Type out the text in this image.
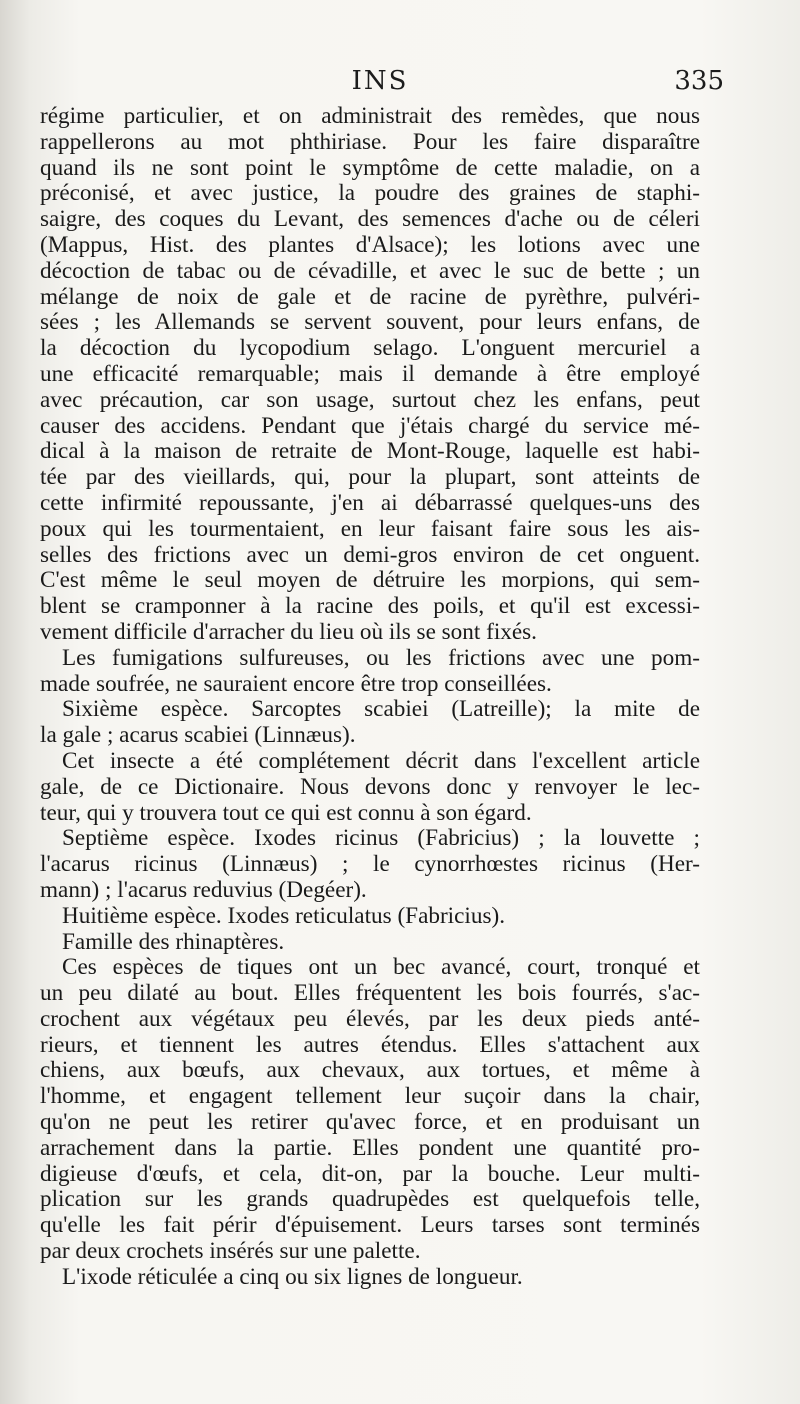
INS	335
régime particulier, et on administrait des remèdes, que nous
rappellerons au mot phthiriase. Pour les faire disparaître
quand ils ne sont point le symptôme de cette maladie, on a
préconisé, et avec justice, la poudre des graines de staphi-
saigre, des coques du Levant, des semences d'ache ou de céleri
(Mappus, Hist. des plantes d'Alsace); les lotions avec une
décoction de tabac ou de cévadille, et avec le suc de bette ; un
mélange de noix de gale et de racine de pyrèthre, pulvéri-
sées ; les Allemands se servent souvent, pour leurs enfans, de
la décoction du lycopodium selago. L'onguent mercuriel a
une efficacité remarquable; mais il demande à être employé
avec précaution, car son usage, surtout chez les enfans, peut
causer des accidens. Pendant que j'étais chargé du service mé-
dical à la maison de retraite de Mont-Rouge, laquelle est habi-
tée par des vieillards, qui, pour la plupart, sont atteints de
cette infirmité repoussante, j'en ai débarrassé quelques-uns des
poux qui les tourmentaient, en leur faisant faire sous les ais-
selles des frictions avec un demi-gros environ de cet onguent.
C'est même le seul moyen de détruire les morpions, qui sem-
blent se cramponner à la racine des poils, et qu'il est excessi-
vement difficile d'arracher du lieu où ils se sont fixés.
Les fumigations sulfureuses, ou les frictions avec une pom-
made soufrée, ne sauraient encore être trop conseillées.
Sixième espèce. Sarcoptes scabiei (Latreille); la mite de
la gale ; acarus scabiei (Linnæus).
Cet insecte a été complétement décrit dans l'excellent article
gale, de ce Dictionaire. Nous devons donc y renvoyer le lec-
teur, qui y trouvera tout ce qui est connu à son égard.
Septième espèce. Ixodes ricinus (Fabricius) ; la louvette ;
l'acarus ricinus (Linnæus) ; le cynorrhœstes ricinus (Her-
mann) ; l'acarus reduvius (Degéer).
Huitième espèce. Ixodes reticulatus (Fabricius).
Famille des rhinaptères.
Ces espèces de tiques ont un bec avancé, court, tronqué et
un peu dilaté au bout. Elles fréquentent les bois fourrés, s'ac-
crochent aux végétaux peu élevés, par les deux pieds anté-
rieurs, et tiennent les autres étendus. Elles s'attachent aux
chiens, aux bœufs, aux chevaux, aux tortues, et même à
l'homme, et engagent tellement leur suçoir dans la chair,
qu'on ne peut les retirer qu'avec force, et en produisant un
arrachement dans la partie. Elles pondent une quantité pro-
digieuse d'œufs, et cela, dit-on, par la bouche. Leur multi-
plication sur les grands quadrupèdes est quelquefois telle,
qu'elle les fait périr d'épuisement. Leurs tarses sont terminés
par deux crochets insérés sur une palette.
L'ixode réticulée a cinq ou six lignes de longueur.
